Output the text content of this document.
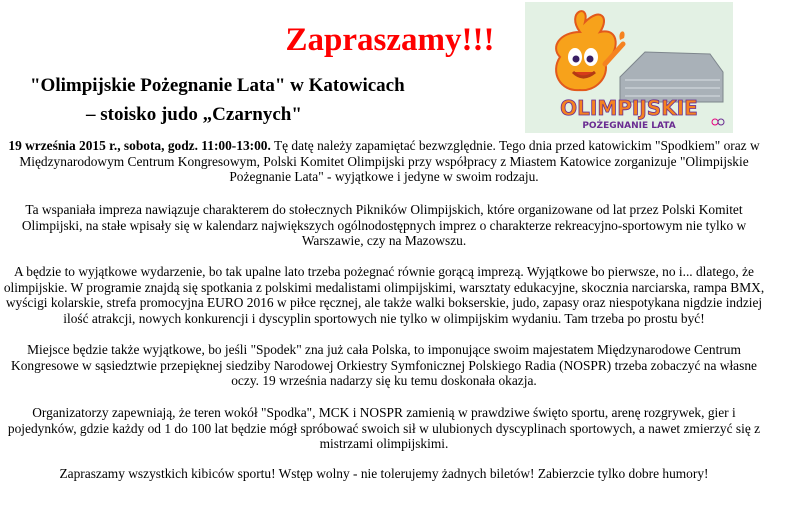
Zapraszamy!!!

"Olimpijskie Pożegnanie Lata" w Katowicach

– stoisko judo „Czarnych"	OLIMPIJSKIE
POŻEGNANIE LATA

19 września 2015 r., sobota, godz. 11:00-13:00. Tę datę należy zapamiętać bezwzględnie. Tego dnia przed katowickim "Spodkiem" oraz w Międzynarodowym Centrum Kongresowym, Polski Komitet Olimpijski przy współpracy z Miastem Katowice zorganizuje "Olimpijskie Pożegnanie Lata" - wyjątkowe i jedyne w swoim rodzaju.

Ta wspaniała impreza nawiązuje charakterem do stołecznych Pikników Olimpijskich, które organizowane od lat przez Polski Komitet Olimpijski, na stałe wpisały się w kalendarz największych ogólnodostępnych imprez o charakterze rekreacyjno-sportowym nie tylko w Warszawie, czy na Mazowszu.

A będzie to wyjątkowe wydarzenie, bo tak upalne lato trzeba pożegnać równie gorącą imprezą. Wyjątkowe bo pierwsze, no i... dlatego, że olimpijskie. W programie znajdą się spotkania z polskimi medalistami olimpijskimi, warsztaty edukacyjne, skocznia narciarska, rampa BMX, wyścigi kolarskie, strefa promocyjna EURO 2016 w piłce ręcznej, ale także walki bokserskie, judo, zapasy oraz niespotykana nigdzie indziej ilość atrakcji, nowych konkurencji i dyscyplin sportowych nie tylko w olimpijskim wydaniu. Tam trzeba po prostu być!

Miejsce będzie także wyjątkowe, bo jeśli "Spodek" zna już cała Polska, to imponujące swoim majestatem Międzynarodowe Centrum Kongresowe w sąsiedztwie przepięknej siedziby Narodowej Orkiestry Symfonicznej Polskiego Radia (NOSPR) trzeba zobaczyć na własne oczy. 19 września nadarzy się ku temu doskonała okazja.

Organizatorzy zapewniają, że teren wokół "Spodka", MCK i NOSPR zamienią w prawdziwe święto sportu, arenę rozgrywek, gier i pojedynków, gdzie każdy od 1 do 100 lat będzie mógł spróbować swoich sił w ulubionych dyscyplinach sportowych, a nawet zmierzyć się z mistrzami olimpijskimi.

Zapraszamy wszystkich kibiców sportu! Wstęp wolny - nie tolerujemy żadnych biletów! Zabierzcie tylko dobre humory!
